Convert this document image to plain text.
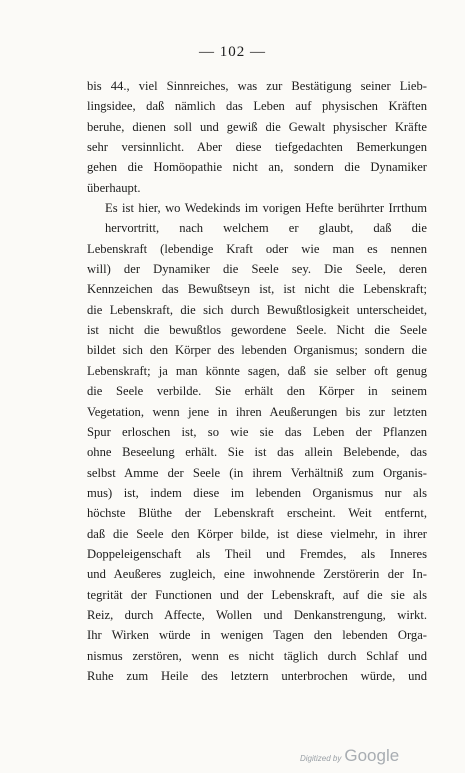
— 102 —
bis 44., viel Sinnreiches, was zur Bestätigung seiner Lieb-
lingsidee, daß nämlich das Leben auf physischen Kräften
beruhe, dienen soll und gewiß die Gewalt physischer Kräfte
sehr versinnlicht. Aber diese tiefgedachten Bemerkungen
gehen die Homöopathie nicht an, sondern die Dynamiker
überhaupt.
Es ist hier, wo Wedekinds im vorigen Hefte berührter Irrthum hervortritt, nach welchem er glaubt, daß die
Lebenskraft (lebendige Kraft oder wie man es nennen
will) der Dynamiker die Seele sey. Die Seele, deren
Kennzeichen das Bewußtseyn ist, ist nicht die Lebenskraft;
die Lebenskraft, die sich durch Bewußtlosigkeit unterscheidet,
ist nicht die bewußtlos gewordene Seele. Nicht die Seele
bildet sich den Körper des lebenden Organismus; sondern die
Lebenskraft; ja man könnte sagen, daß sie selber oft genug
die Seele verbilde. Sie erhält den Körper in seinem
Vegetation, wenn jene in ihren Aeußerungen bis zur letzten
Spur erloschen ist, so wie sie das Leben der Pflanzen
ohne Beseelung erhält. Sie ist das allein Belebende, das
selbst Amme der Seele (in ihrem Verhältniß zum Organis-
mus) ist, indem diese im lebenden Organismus nur als
höchste Blüthe der Lebenskraft erscheint. Weit entfernt,
daß die Seele den Körper bilde, ist diese vielmehr, in ihrer
Doppeleigenschaft als Theil und Fremdes, als Inneres
und Aeußeres zugleich, eine inwohnende Zerstörerin der In-
tegrität der Functionen und der Lebenskraft, auf die sie als
Reiz, durch Affecte, Wollen und Denkanstrengung, wirkt.
Ihr Wirken würde in wenigen Tagen den lebenden Orga-
nismus zerstören, wenn es nicht täglich durch Schlaf und
Ruhe zum Heile des letztern unterbrochen würde, und
Digitized by Google
